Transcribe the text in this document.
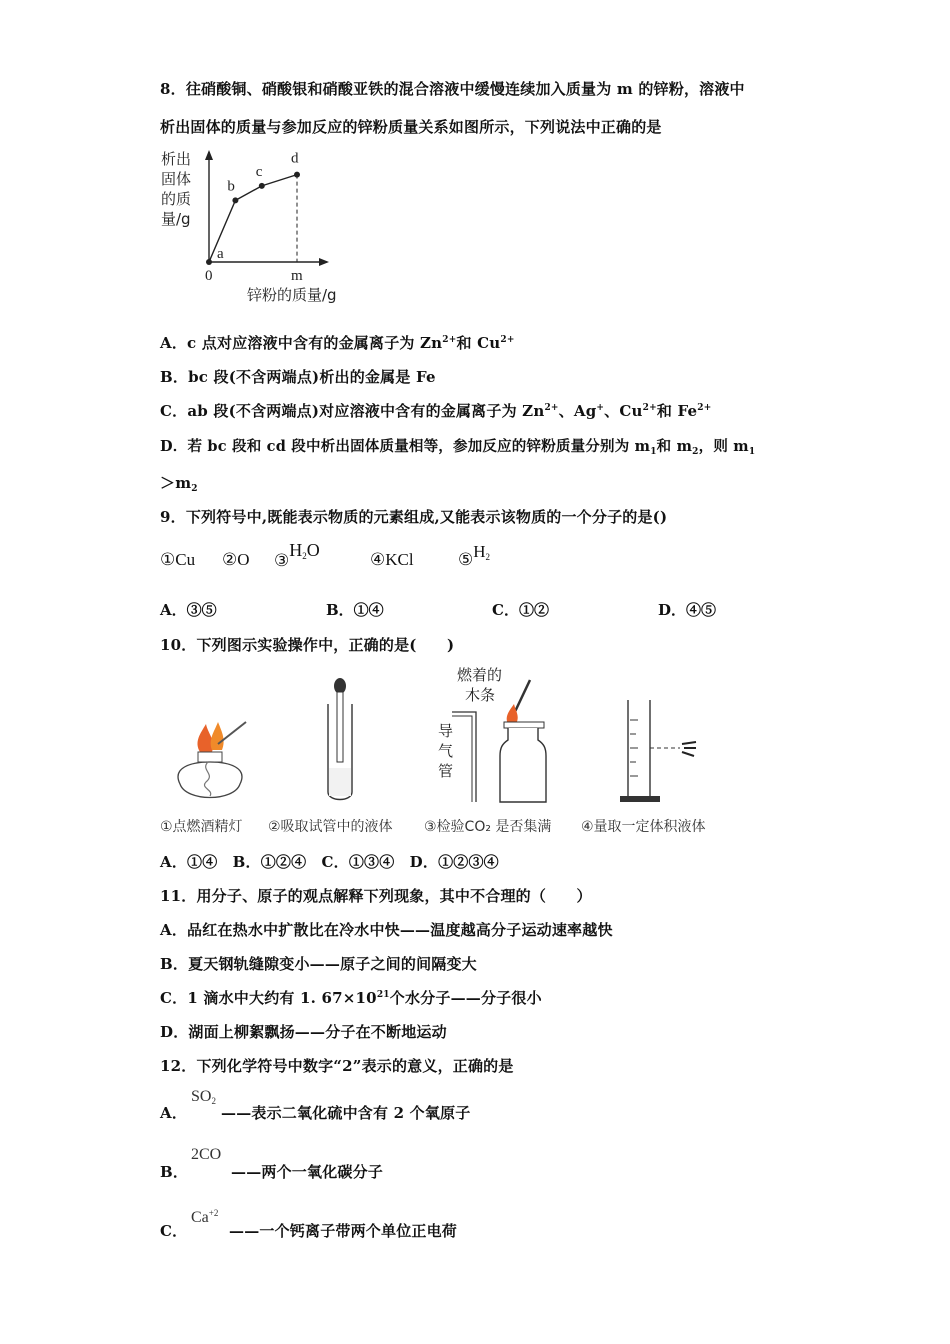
8．往硝酸铜、硝酸银和硝酸亚铁的混合溶液中缓慢连续加入质量为 m 的锌粉，溶液中
析出固体的质量与参加反应的锌粉质量关系如图所示，下列说法中正确的是
析出
固体
的质
量/g
锌粉的质量/g
0	m
a
b
c
d
A．c 点对应溶液中含有的金属离子为 $Zn^{2+}$和 $Cu^{2+}$
B．bc 段(不含两端点)析出的金属是 Fe
C．ab 段(不含两端点)对应溶液中含有的金属离子为 $Zn^{2+}$、Ag+、$Cu^{2+}$和 $Fe^{2+}$
D．若 bc 段和 cd 段中析出固体质量相等，参加反应的锌粉质量分别为 $m_1$和 $m_2$，则 $m_1$
$>m_2$
9．下列符号中,既能表示物质的元素组成,又能表示该物质的一个分子的是()
①Cu ②O $③H_2O$	④KCl	$⑤H_2$
A．③⑤	B．①④	C．①②	D．④⑤
10．下列图示实验操作中，正确的是(　　)
燃着的
木条
导
气
管
①点燃酒精灯 ②吸取试管中的液体 ③检验CO₂ 是否集满 ④量取一定体积液体
A．①④　B．①②④　C．①③④　D．①②③④
11．用分子、原子的观点解释下列现象，其中不合理的（　　）
A．品红在热水中扩散比在冷水中快——温度越高分子运动速率越快
B．夏天钢轨缝隙变小——原子之间的间隔变大
C．1 滴水中大约有 1. $67\times 10^{21}$个水分子——分子很小
D．湖面上柳絮飘扬——分子在不断地运动
12．下列化学符号中数字“2”表示的意义，正确的是
A．
$SO_2$
——表示二氧化硫中含有 2 个氧原子
B．
2CO
——两个一氧化碳分子
C．
$Ca^{+2}$
——一个钙离子带两个单位正电荷
